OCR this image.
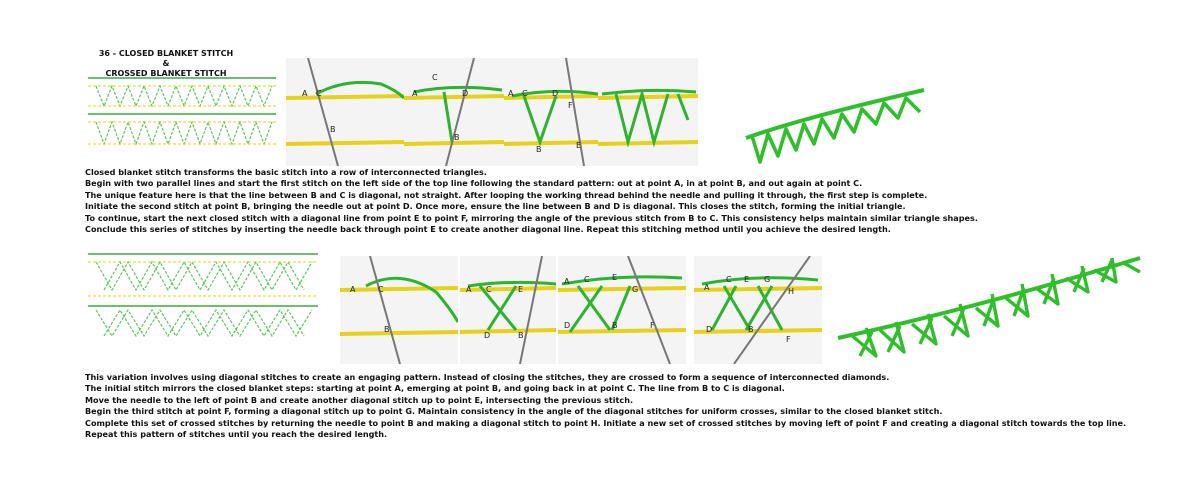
36 - CLOSED BLANKET STITCH &
CROSSED BLANKET STITCH
A C
B
C
A	D
B
A C	D
F
B	E
Closed blanket stitch transforms the basic stitch into a row of interconnected triangles.
Begin with two parallel lines and start the first stitch on the left side of the top line following the standard pattern: out at point A, in at point B, and out again at point C.
The unique feature here is that the line between B and C is diagonal, not straight. After looping the working thread behind the needle and pulling it through, the first step is complete.
Initiate the second stitch at point B, bringing the needle out at point D. Once more, ensure the line between B and D is diagonal. This closes the stitch, forming the initial triangle.
To continue, start the next closed stitch with a diagonal line from point E to point F, mirroring the angle of the previous stitch from B to C. This consistency helps maintain similar triangle shapes.
Conclude this series of stitches by inserting the needle back through point E to create another diagonal line. Repeat this stitching method until you achieve the desired length.
A	C
B
A C	E
D	B
A C	E
G
D	B	F
A
C E G
H
D	B
F
This variation involves using diagonal stitches to create an engaging pattern. Instead of closing the stitches, they are crossed to form a sequence of interconnected diamonds.
The initial stitch mirrors the closed blanket steps: starting at point A, emerging at point B, and going back in at point C. The line from B to C is diagonal.
Move the needle to the left of point B and create another diagonal stitch up to point E, intersecting the previous stitch.
Begin the third stitch at point F, forming a diagonal stitch up to point G. Maintain consistency in the angle of the diagonal stitches for uniform crosses, similar to the closed blanket stitch.
Complete this set of crossed stitches by returning the needle to point B and making a diagonal stitch to point H. Initiate a new set of crossed stitches by moving left of point F and creating a diagonal stitch towards the top line.
Repeat this pattern of stitches until you reach the desired length.
